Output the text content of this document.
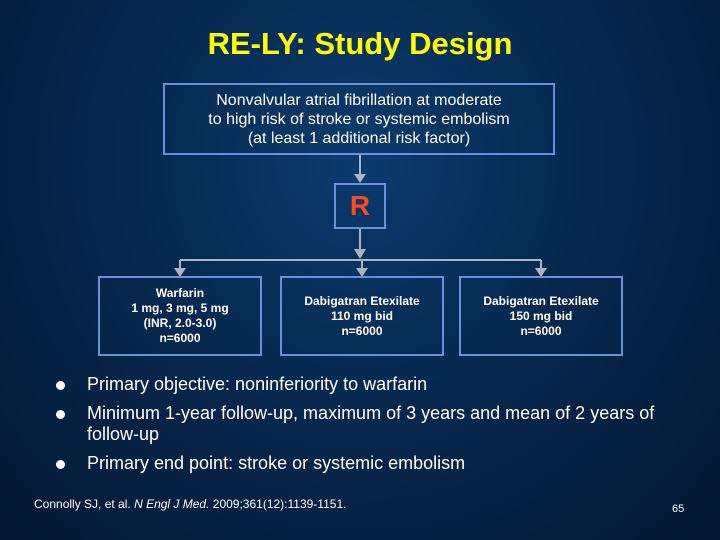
RE-LY: Study Design
Nonvalvular atrial fibrillation at moderate
to high risk of stroke or systemic embolism
(at least 1 additional risk factor)
R
Warfarin
1 mg, 3 mg, 5 mg
(INR, 2.0-3.0)
n=6000
Dabigatran Etexilate
110 mg bid
n=6000
Dabigatran Etexilate
150 mg bid
n=6000
Primary objective: noninferiority to warfarin
Minimum 1-year follow-up, maximum of 3 years and mean of 2 years of follow-up
Primary end point: stroke or systemic embolism
Connolly SJ, et al. N Engl J Med. 2009;361(12):1139-1151.	65
